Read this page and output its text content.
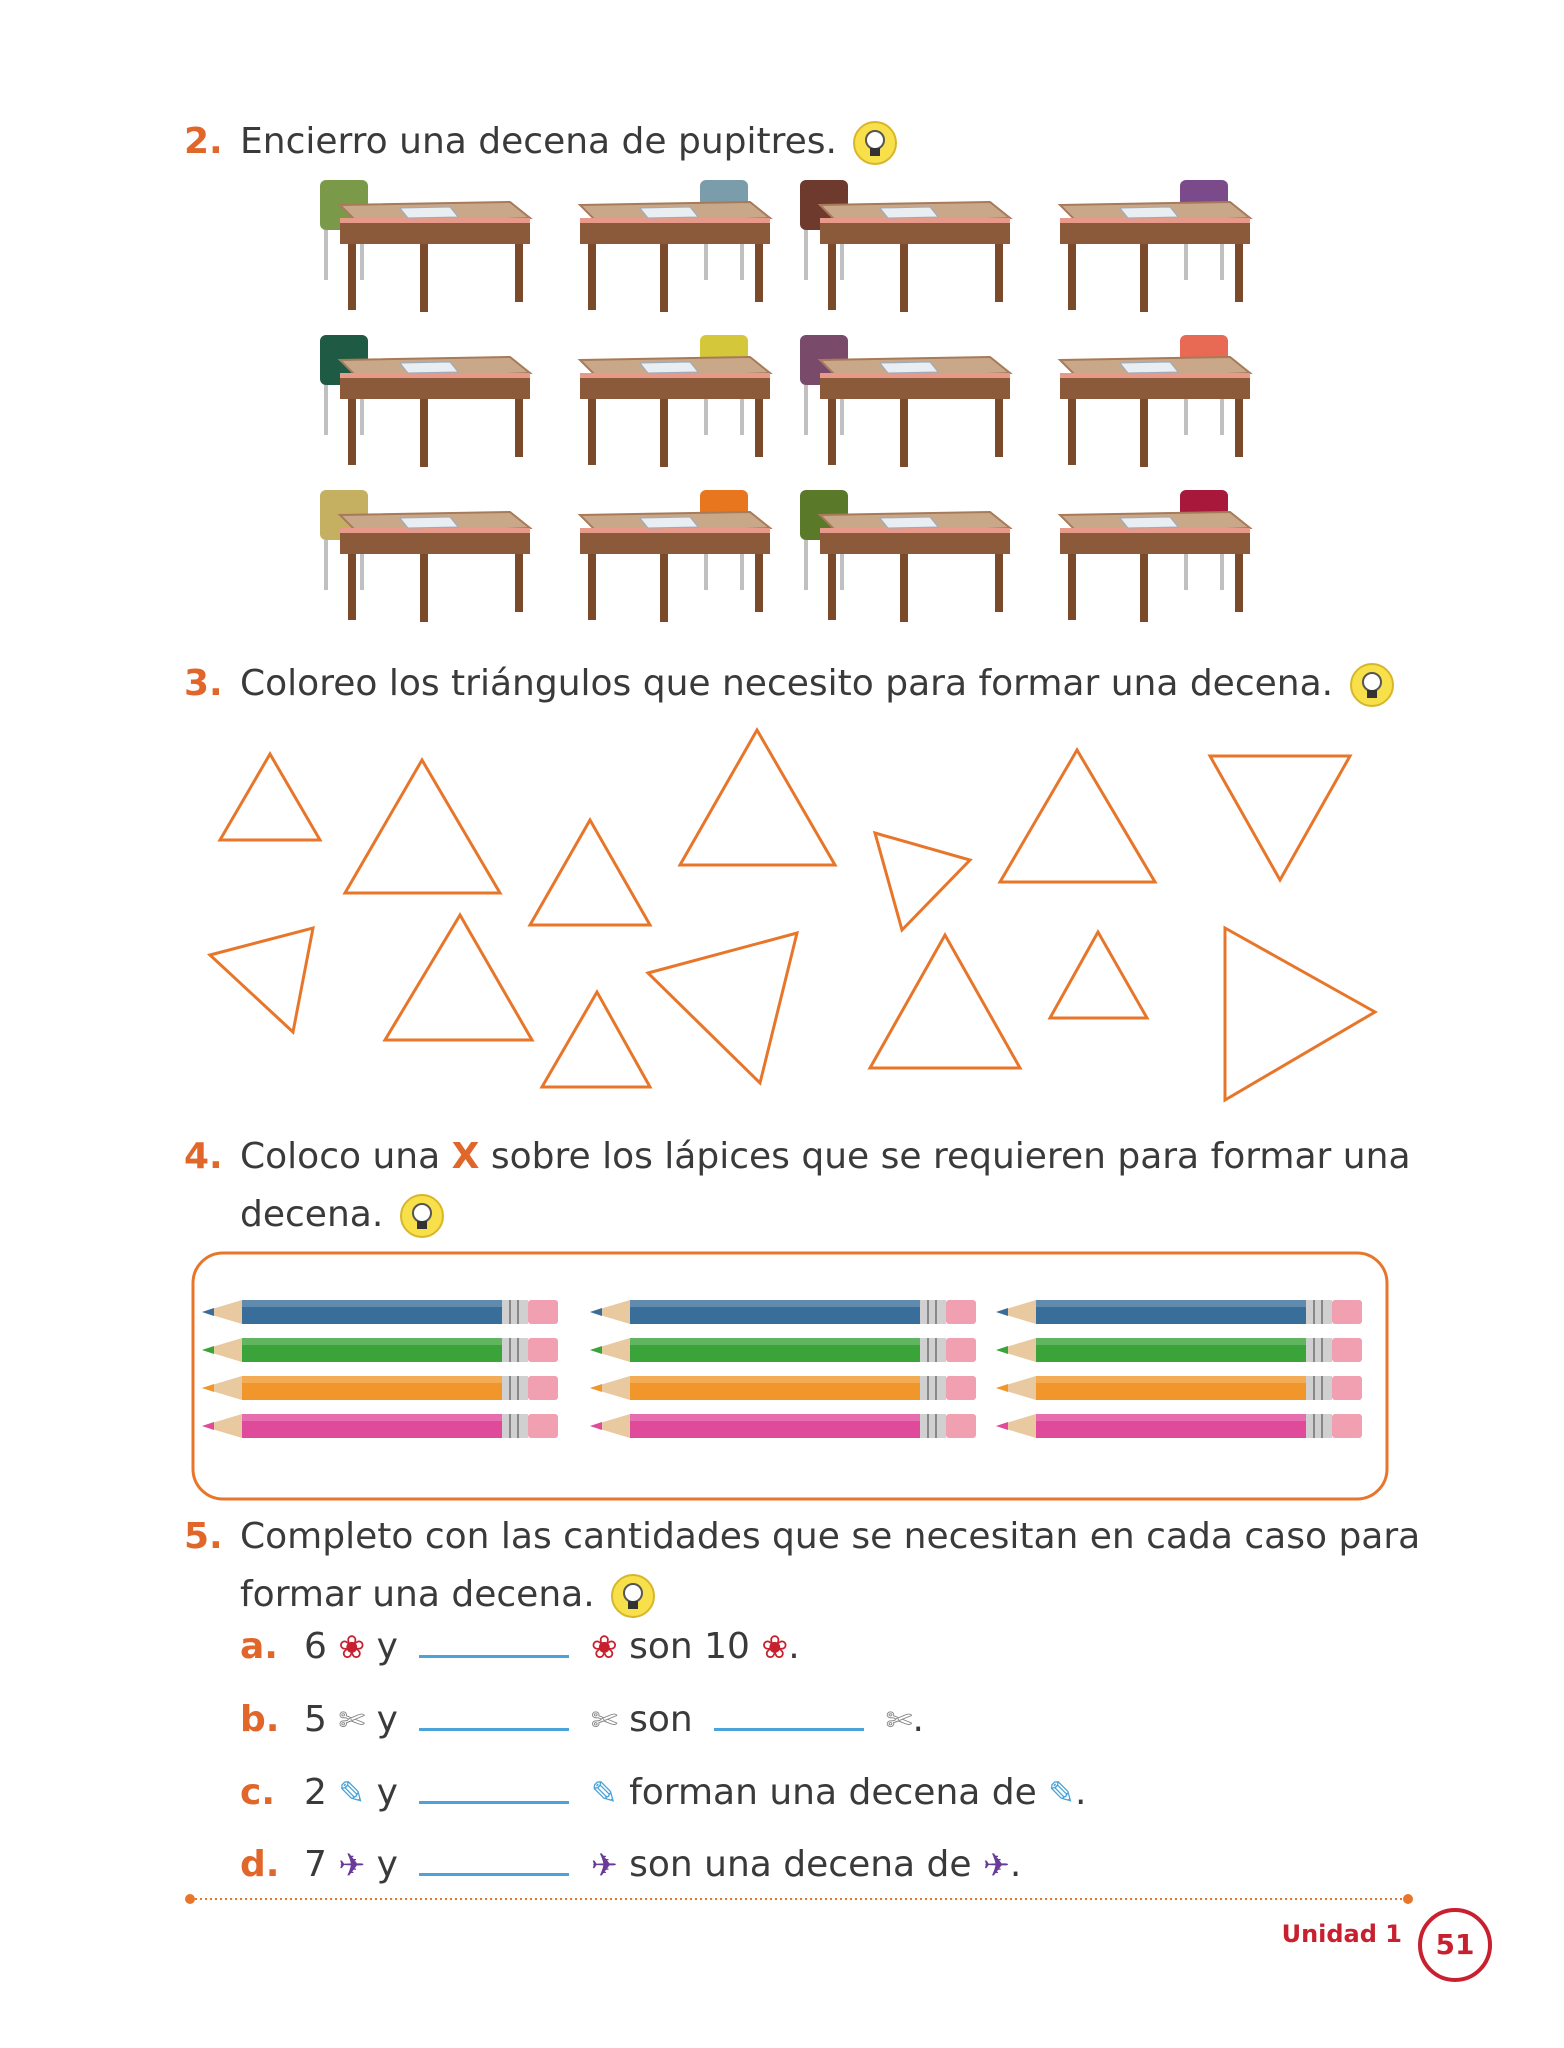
2. Encierro una decena de pupitres.
3. Coloreo los triángulos que necesito para formar una decena.
4. Coloco una X sobre los lápices que se requieren para formar una
decena.
5. Completo con las cantidades que se necesitan en cada caso para
formar una decena.
a. 6 ❀ y	❀ son 10 ❀.
b. 5 ✄ y	✄ son	✄.
c. 2 ✎ y	✎ forman una decena de ✎.
d. 7 ✈ y	✈ son una decena de ✈.
Unidad 1	51
